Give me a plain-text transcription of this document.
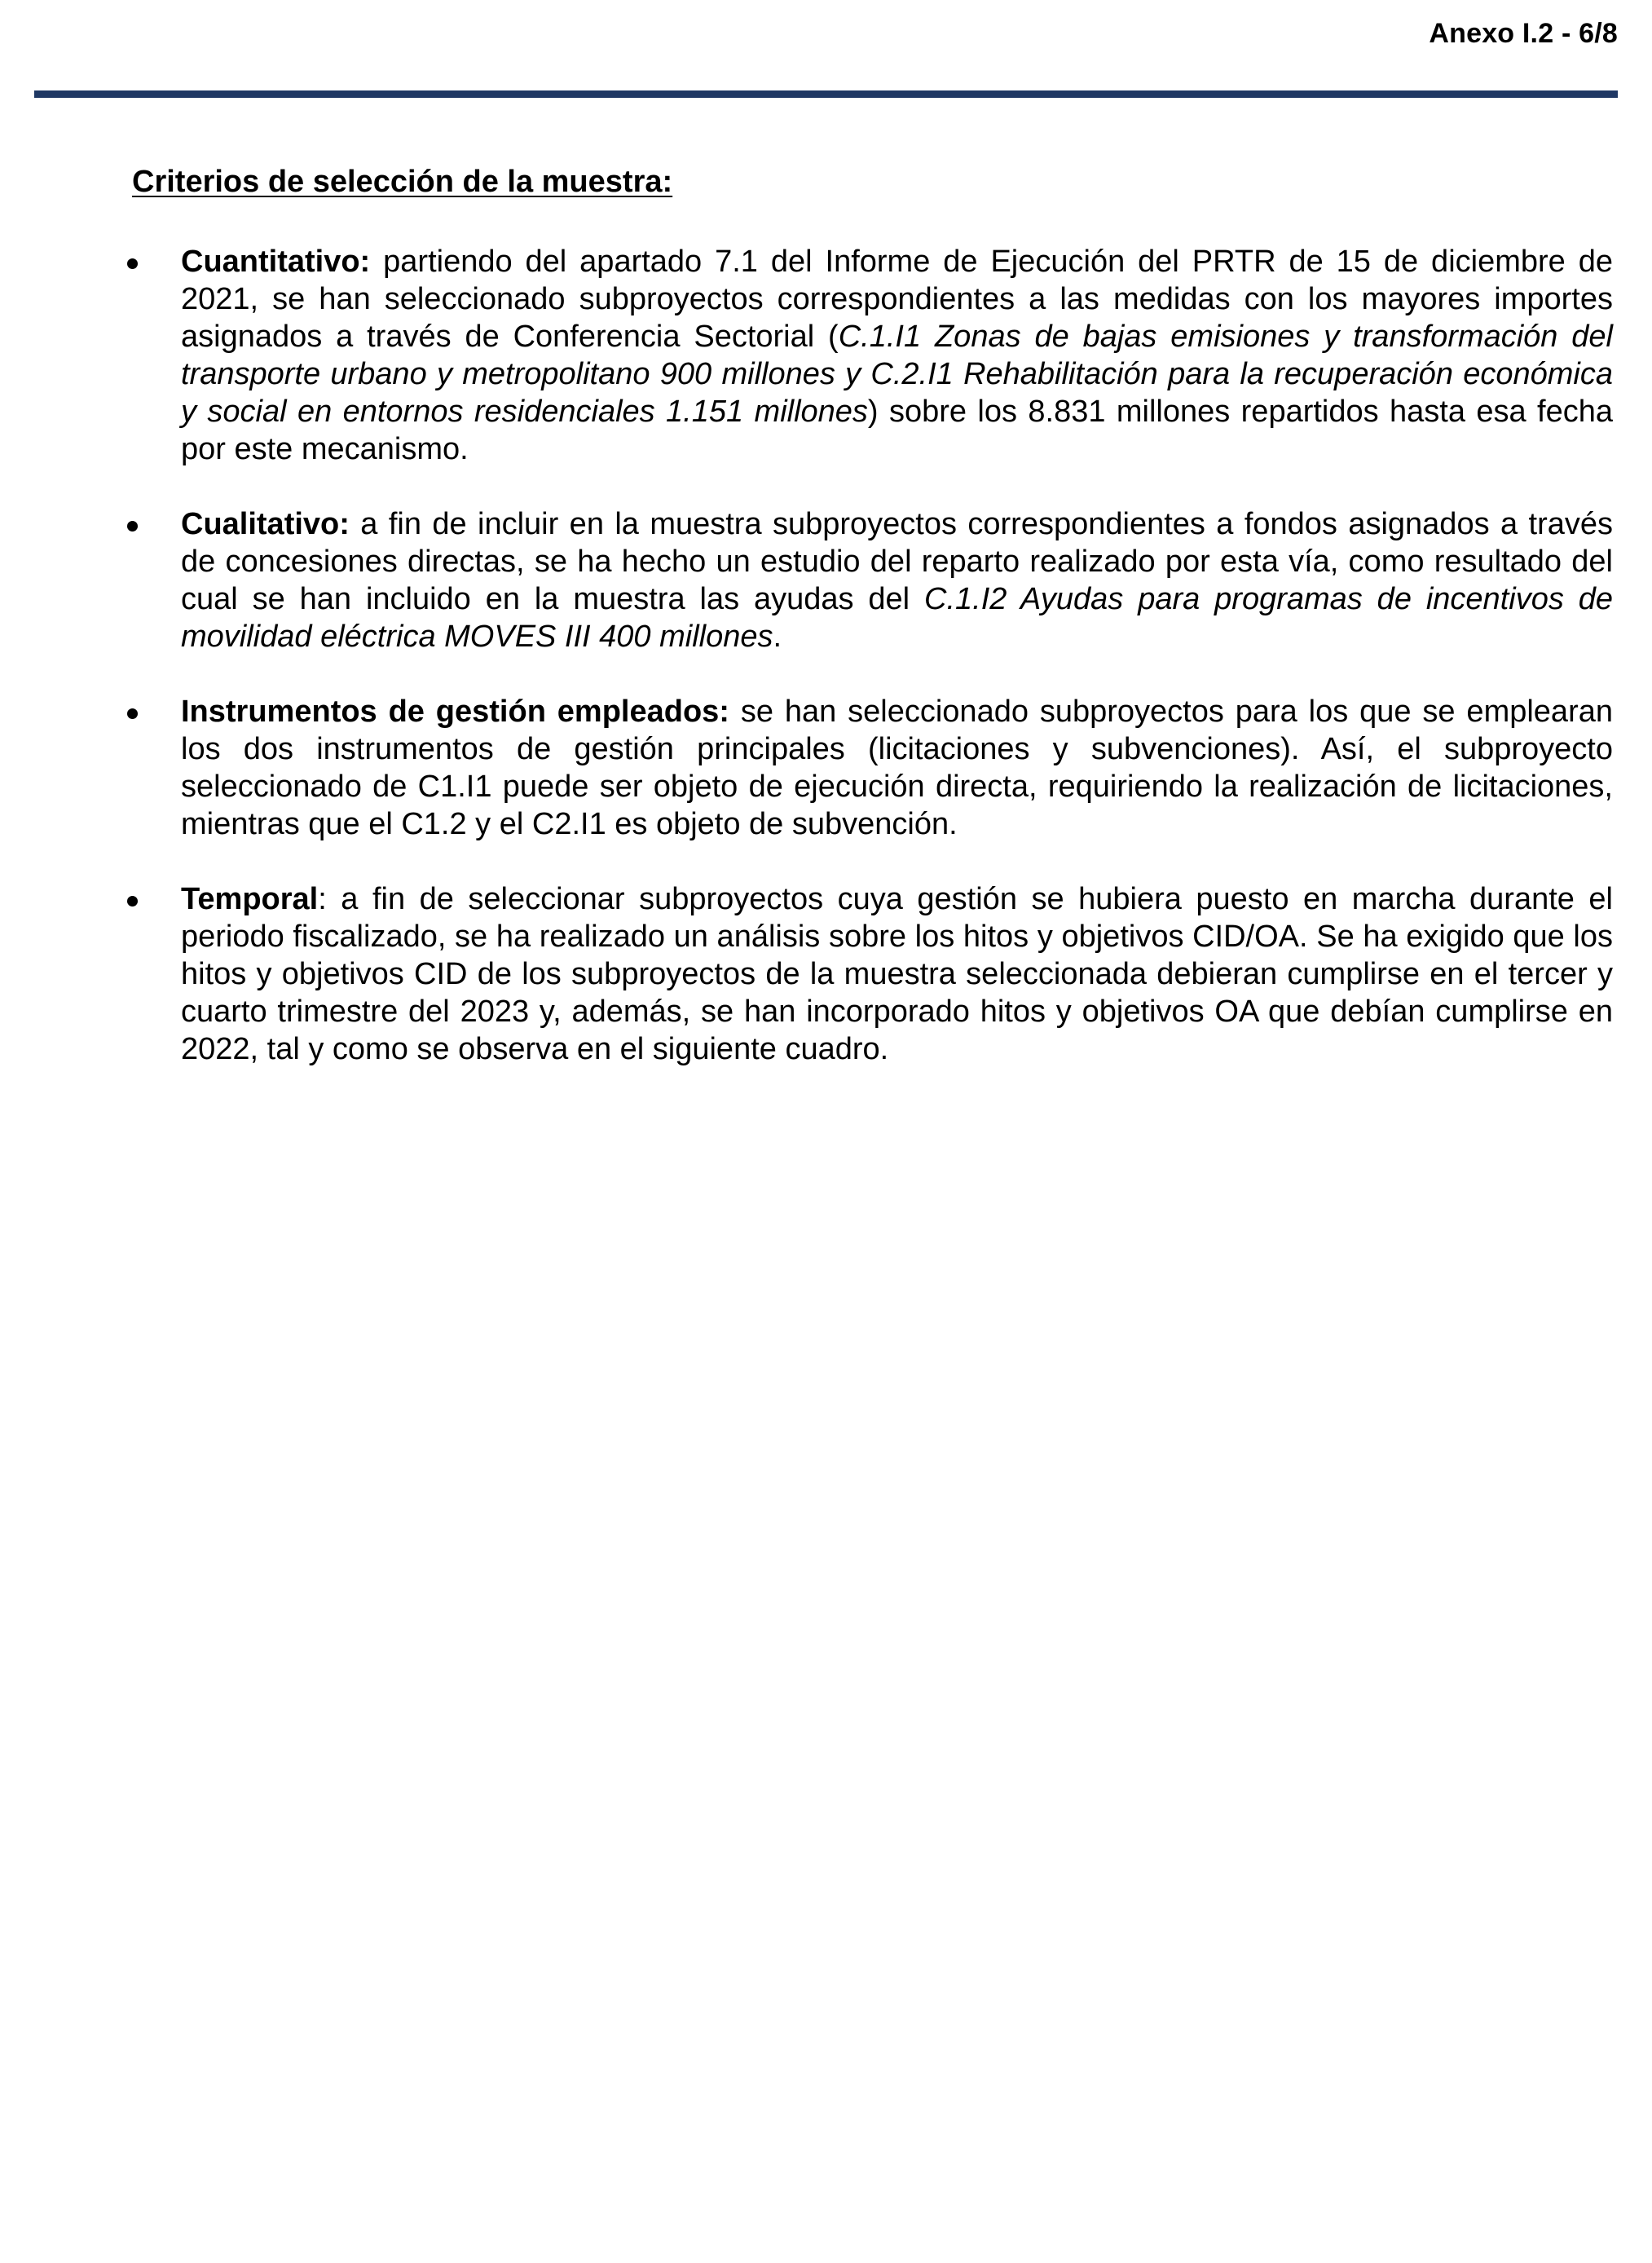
Anexo I.2 - 6/8
Criterios de selección de la muestra:
Cuantitativo: partiendo del apartado 7.1 del Informe de Ejecución del PRTR de 15 de diciembre de 2021, se han seleccionado subproyectos correspondientes a las medidas con los mayores importes asignados a través de Conferencia Sectorial (C.1.I1 Zonas de bajas emisiones y transformación del transporte urbano y metropolitano 900 millones y C.2.I1 Rehabilitación para la recuperación económica y social en entornos residenciales 1.151 millones) sobre los 8.831 millones repartidos hasta esa fecha por este mecanismo.
Cualitativo: a fin de incluir en la muestra subproyectos correspondientes a fondos asignados a través de concesiones directas, se ha hecho un estudio del reparto realizado por esta vía, como resultado del cual se han incluido en la muestra las ayudas del C.1.I2 Ayudas para programas de incentivos de movilidad eléctrica MOVES III 400 millones.
Instrumentos de gestión empleados: se han seleccionado subproyectos para los que se emplearan los dos instrumentos de gestión principales (licitaciones y subvenciones). Así, el subproyecto seleccionado de C1.I1 puede ser objeto de ejecución directa, requiriendo la realización de licitaciones, mientras que el C1.2 y el C2.I1 es objeto de subvención.
Temporal: a fin de seleccionar subproyectos cuya gestión se hubiera puesto en marcha durante el periodo fiscalizado, se ha realizado un análisis sobre los hitos y objetivos CID/OA. Se ha exigido que los hitos y objetivos CID de los subproyectos de la muestra seleccionada debieran cumplirse en el tercer y cuarto trimestre del 2023 y, además, se han incorporado hitos y objetivos OA que debían cumplirse en 2022, tal y como se observa en el siguiente cuadro.
